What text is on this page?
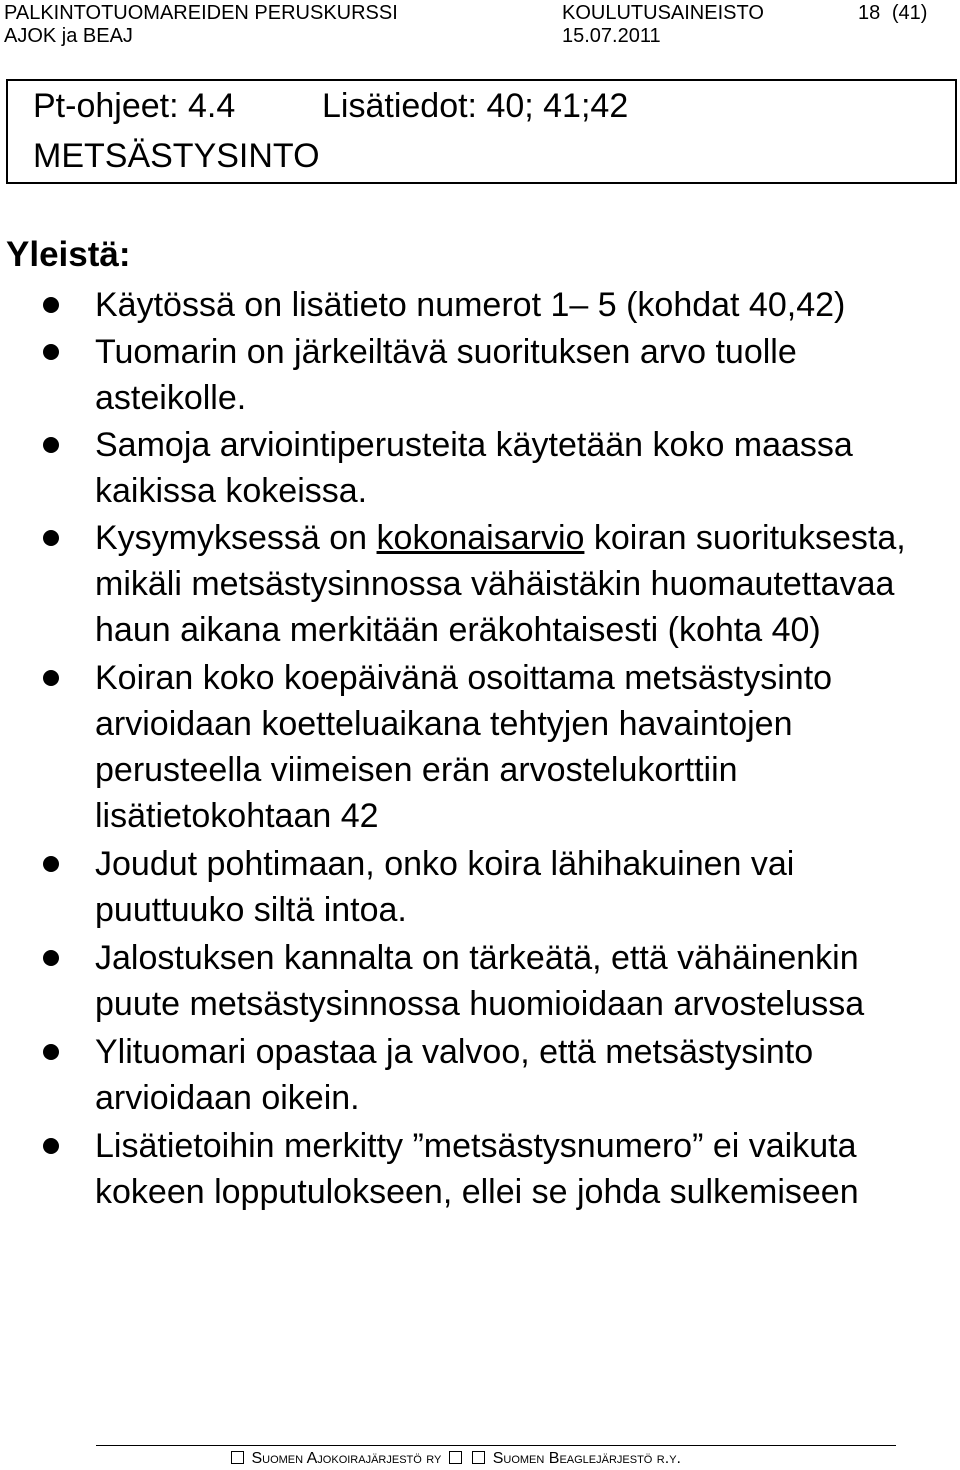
PALKINTOTUOMAREIDEN PERUSKURSSI
AJOK ja BEAJ
KOULUTUSAINEISTO
15.07.2011
18 (41)
Pt-ohjeet: 4.4	Lisätiedot: 40; 41;42
METSÄSTYSINTO
Yleistä:
Käytössä on lisätieto numerot 1– 5 (kohdat 40,42)
Tuomarin on järkeiltävä suorituksen arvo tuolle asteikolle.
Samoja arviointiperusteita käytetään koko maassa kaikissa kokeissa.
Kysymyksessä on kokonaisarvio koiran suorituksesta, mikäli metsästysinnossa vähäistäkin huomautettavaa haun aikana merkitään eräkohtaisesti (kohta 40)
Koiran koko koepäivänä osoittama metsästysinto arvioidaan koetteluaikana tehtyjen havaintojen perusteella viimeisen erän arvostelukorttiin lisätietokohtaan 42
Joudut pohtimaan, onko koira lähihakuinen vai puuttuuko siltä intoa.
Jalostuksen kannalta on tärkeätä, että vähäinenkin puute metsästysinnossa huomioidaan arvostelussa
Ylituomari opastaa ja valvoo, että metsästysinto arvioidaan oikein.
Lisätietoihin merkitty ”metsästysnumero” ei vaikuta kokeen lopputulokseen, ellei se johda sulkemiseen
Suomen Ajokoirajärjestö ry	Suomen Beaglejärjestö r.y.
